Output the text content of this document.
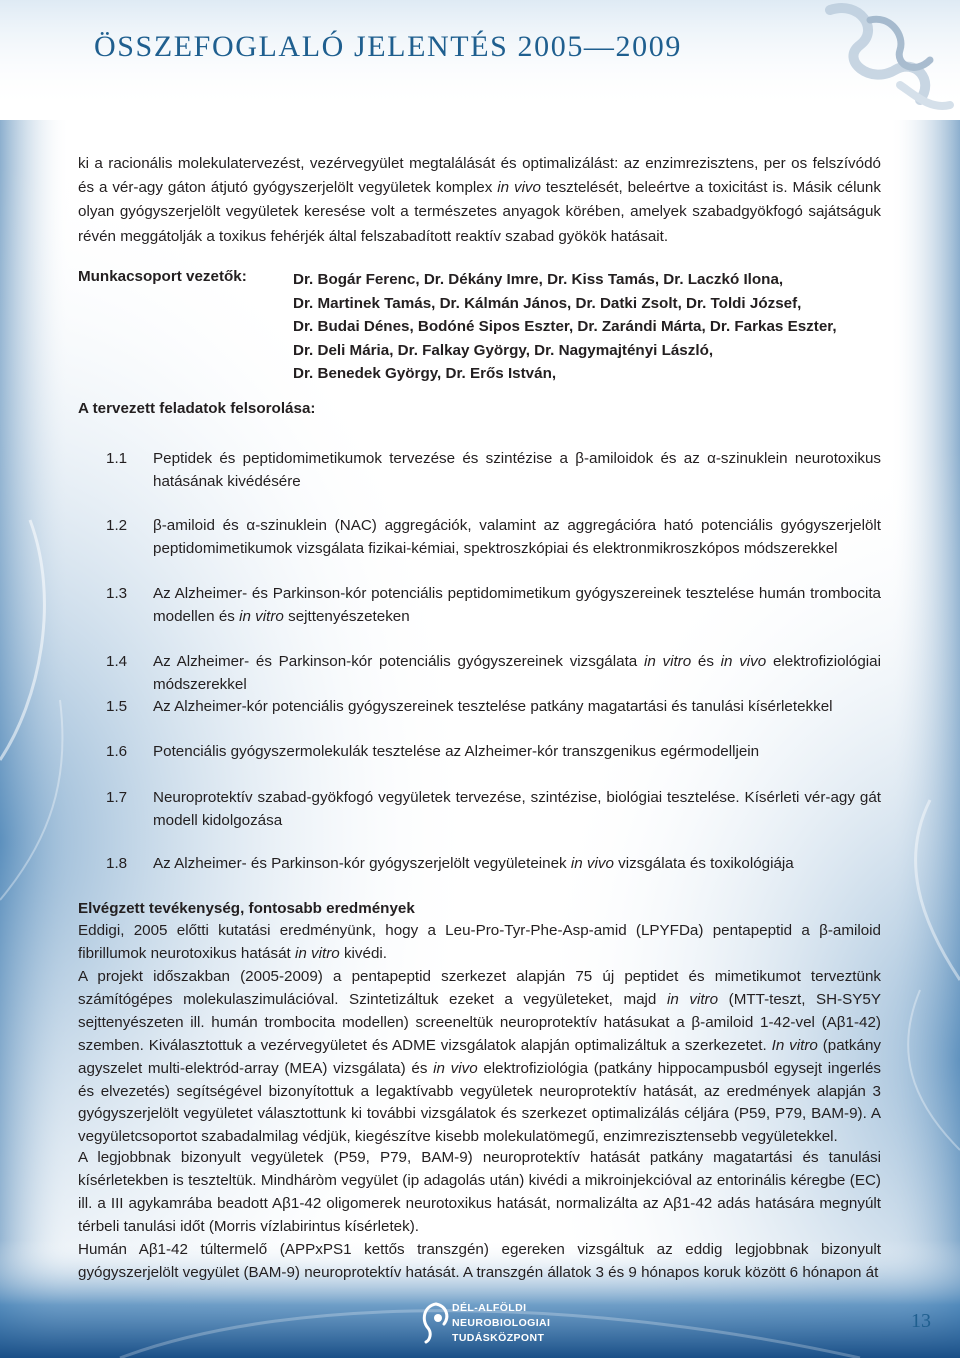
ÖSSZEFOGLALÓ JELENTÉS 2005—2009
ki a racionális molekulatervezést, vezérvegyület megtalálását és optimalizálást: az enzimrezisztens, per os felszívódó és a vér-agy gáton átjutó gyógyszerjelölt vegyületek komplex in vivo tesztelését, beleértve a toxicitást is. Másik célunk olyan gyógyszerjelölt vegyületek keresése volt a természetes anyagok körében, amelyek szabadgyökfogó sajátságuk révén meggátolják a toxikus fehérjék által felszabadított reaktív szabad gyökök hatásait.
Munkacsoport vezetők:	Dr. Bogár Ferenc, Dr. Dékány Imre, Dr. Kiss Tamás, Dr. Laczkó Ilona,
Dr. Martinek Tamás, Dr. Kálmán János, Dr. Datki Zsolt, Dr. Toldi József,
Dr. Budai Dénes, Bodóné Sipos Eszter, Dr. Zarándi Márta, Dr. Farkas Eszter,
Dr. Deli Mária, Dr. Falkay György, Dr. Nagymajtényi László,
Dr. Benedek György, Dr. Erős István,
A tervezett feladatok felsorolása:
1.1	Peptidek és peptidomimetikumok tervezése és szintézise a β-amiloidok és az α-szinuklein neurotoxikus hatásának kivédésére
1.2	β-amiloid és α-szinuklein (NAC) aggregációk, valamint az aggregációra ható potenciális gyógyszerjelölt peptidomimetikumok vizsgálata fizikai-kémiai, spektroszkópiai és elektronmikroszkópos módszerekkel
1.3	Az Alzheimer- és Parkinson-kór potenciális peptidomimetikum gyógyszereinek tesztelése humán trombocita modellen és in vitro sejttenyészeteken
1.4	Az Alzheimer- és Parkinson-kór potenciális gyógyszereinek vizsgálata in vitro és in vivo elektrofiziológiai módszerekkel
1.5	Az Alzheimer-kór potenciális gyógyszereinek tesztelése patkány magatartási és tanulási kísérletekkel
1.6	Potenciális gyógyszermolekulák tesztelése az Alzheimer-kór transzgenikus egérmodelljein
1.7	Neuroprotektív szabad-gyökfogó vegyületek tervezése, szintézise, biológiai tesztelése. Kísérleti vér-agy gát modell kidolgozása
1.8	Az Alzheimer- és Parkinson-kór gyógyszerjelölt vegyületeinek in vivo vizsgálata és toxikológiája
Elvégzett tevékenység, fontosabb eredmények
Eddigi, 2005 előtti kutatási eredményünk, hogy a Leu-Pro-Tyr-Phe-Asp-amid (LPYFDa) pentapeptid a β-amiloid fibrillumok neurotoxikus hatását in vitro kivédi.
A projekt időszakban (2005-2009) a pentapeptid szerkezet alapján 75 új peptidet és mimetikumot terveztünk számítógépes molekulaszimulációval. Szintetizáltuk ezeket a vegyületeket, majd in vitro (MTT-teszt, SH-SY5Y sejttenyészeten ill. humán trombocita modellen) screeneltük neuroprotektív hatásukat a β-amiloid 1-42-vel (Aβ1-42) szemben. Kiválasztottuk a vezérvegyületet és ADME vizsgálatok alapján optimalizáltuk a szerkezetet. In vitro (patkány agyszelet multi-elektród-array (MEA) vizsgálata) és in vivo elektrofiziológia (patkány hippocampusból egysejt ingerlés és elvezetés) segítségével bizonyítottuk a legaktívabb vegyületek neuroprotektív hatását, az eredmények alapján 3 gyógyszerjelölt vegyületet választottunk ki további vizsgálatok és szerkezet optimalizálás céljára (P59, P79, BAM-9). A vegyületcsoportot szabadalmilag védjük, kiegészítve kisebb molekulatömegű, enzimrezisztensebb vegyületekkel.
A legjobbnak bizonyult vegyületek (P59, P79, BAM-9) neuroprotektív hatását patkány magatartási és tanulási kísérletekben is teszteltük. Mindháròm vegyület (ip adagolás után) kivédi a mikroinjekcióval az entorinális kéregbe (EC) ill. a III agykamrába beadott Aβ1-42 oligomerek neurotoxikus hatását, normalizálta az Aβ1-42 adás hatására megnyúlt térbeli tanulási időt (Morris vízlabirintus kísérletek).
Humán Aβ1-42 túltermelő (APPxPS1 kettős transzgén) egereken vizsgáltuk az eddig legjobbnak bizonyult gyógyszerjelölt vegyület (BAM-9) neuroprotektív hatását. A transzgén állatok 3 és 9 hónapos koruk között 6 hónapon át
DÉL-ALFÖLDI
NEUROBIOLOGIAI
TUDÁSKÖZPONT
13
